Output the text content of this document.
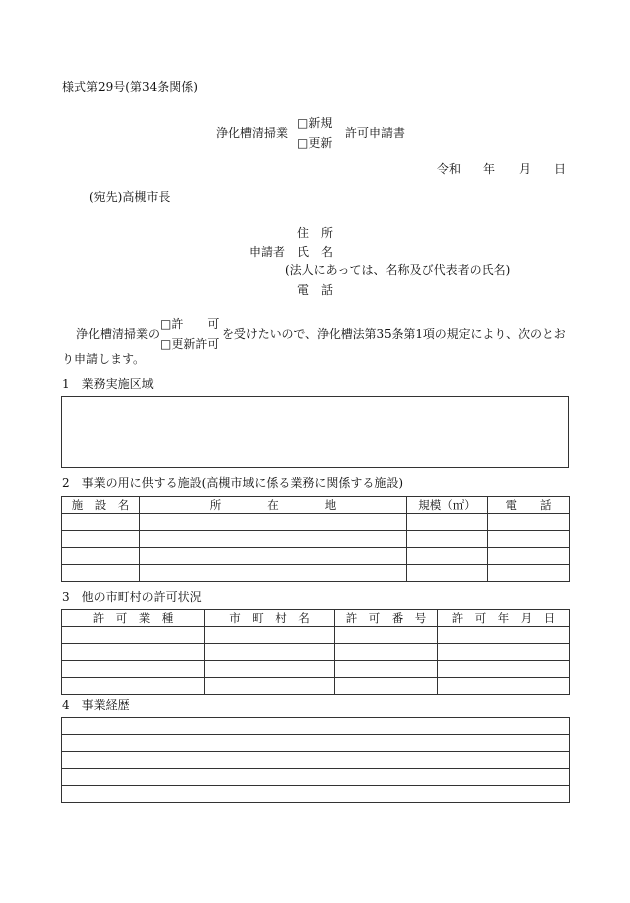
様式第29号(第34条関係)
浄化槽清掃業
□新規
□更新
許可申請書
令和 年 月 日
(宛先)高槻市長
住　所
申請者 氏　名
(法人にあっては、名称及び代表者の氏名)
電　話
浄化槽清掃業の
□許　　可
□更新許可
を受けたいので、浄化槽法第35条第1項の規定により、次のとお
り申請します。
1　業務実施区域
2　事業の用に供する施設(高槻市域に係る業務に関係する施設)
施　設　名	所　　　　在　　　　地	規模（㎡）	電　　話

3　他の市町村の許可状況
許　可　業　種	市　町　村　名	許　可　番　号	許　可　年　月　日

4　事業経歴
